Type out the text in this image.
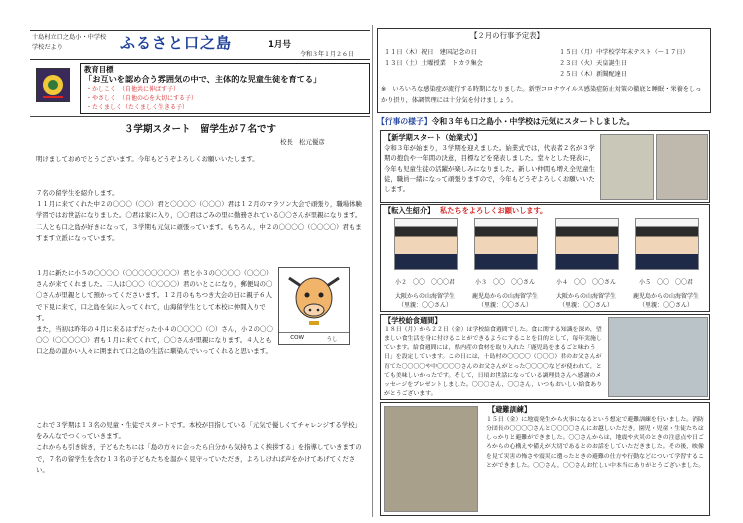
十島村立口之島小・中学校
学校だより	ふるさと口之島	1月号
令和３年１月２６日
教育目標
「お互いを認め合う雰囲気の中で、主体的な児童生徒を育てる」
・かしこく　（自他共に伸ばす子）
・やさしく　（自他の心を大切にする子）
・たくましく（たくましく生きる子）
３学期スタート　留学生が７名です
校長　松元優彦
明けましておめでとうございます。今年もどうぞよろしくお願いいたします。
７名の留学生を紹介します。
１１月に来てくれた中２の〇〇〇（〇〇）君と〇〇〇〇（〇〇〇）君は１２月のマラソン大会で頑張り，職場体験学習ではお世話になりました。〇君は家に入り，〇〇君はごみの里に勤務されている〇〇さんが里親になります。二人とも口之島が好きになって，３学期も元気に頑張っています。もちろん，中２の〇〇〇〇（〇〇〇〇）君もますます立派になっています。
１月に新たに小５の〇〇〇〇（〇〇〇〇〇〇〇〇）君と小３の〇〇〇〇（〇〇〇）さんが来てくれました。二人は〇〇〇（〇〇〇〇）君のいとこになり，郵便局の〇〇さんが里親として預かってくださいます。１２月のもちつき大会の日に親子６人で下見に来て，口之島を気に入ってくれて，山海留学生として本校に仲間入りです。
また，当初は昨年の４月に来るはずだった小４の〇〇〇〇（〇）さん，小２の〇〇〇〇（〇〇〇〇〇）君も１月に来てくれて，〇〇さんが里親になります。４人とも口之島の温かい人々に囲まれて口之島の生活に馴染んでいってくれると思います。
これで３学期は１３名の児童・生徒でスタートです。本校が目指している「元気で優しくてチャレンジする学校」をみんなでつくっていきます。
これからも引き続き，子どもたちには「島の方々に会ったら自分から気持ちよく挨拶する」を指導していきますので，７名の留学生を含む１３名の子どもたちを温かく見守っていただき，よろしければ声をかけてあげてください。
COW	うし
【２月の行事予定表】
１１日（木）祝日　建国記念の日
１３日（土）土曜授業　トカラ集会
１５日（月）中学校学年末テスト（～１７日）
２３日（火）天皇誕生日
２５日（木）新聞配達日
※　いろいろな感染症が流行する時期になりました。新型コロナウイルス感染症防止対策の徹底と睡眠・栄養をしっかり摂り，体調管理には十分気を付けましょう。
【行事の様子】令和３年も口之島小・中学校は元気にスタートしました。
【新学期スタート（始業式）】
令和３年が始まり，３学期を迎えました。始業式では，代表者２名が３学期の抱負や一年間の決意，目標などを発表しました。堂々とした発表に，今年も児童生徒の活躍が楽しみになりました。新しい仲間も増え全児童生徒，職員一緒になって頑張りますので，今年もどうぞよろしくお願いいたします。
【転入生紹介】 私たちをよろしくお願いします。
小２　〇〇　〇〇〇君	小３　〇〇　〇〇さん	小４　〇〇　〇〇さん	小５　〇〇　〇〇君
大阪からの山海留学生	鹿児島からの山海留学生	大阪からの山海留学生	鹿児島からの山海留学生
（里親：〇〇さん）	（里親：〇〇さん）	（里親：〇〇さん）	（里親：〇〇さん）
【学校給食週間】
１８日（月）から２２日（金）は学校給食週間でした。食に関する知識を深め，望ましい食生活を身に付けることができるようにすることを目的として，毎年実施しています。給食週間には，県内産の食材を取り入れた「鹿児島をまるごと味わう日」を設定しています。この日には，十島村の〇〇〇〇（〇〇〇）君のお父さんが育てた〇〇〇〇や中〇〇〇〇さんのお父さんがとった〇〇〇〇などが使われて，とても美味しいかったです。そして，日頃お世話になっている調理員さんへ感謝のメッセージをプレゼントしました。〇〇〇さん，〇〇さん，いつもおいしい給食ありがとうございます。
【避難訓練】
１５日（金）に地震発生から火事になるという想定で避難訓練を行いました。消防分団長の〇〇〇〇さんと〇〇〇〇さんにお越しいただき，園児・児童・生徒たちはしっかりと避難ができました。〇〇さんからは，地震や火災のときの注意点や日ごろからの心構えや備えが大切であるとのお話をしていただきました。その後，映像を見て災害の怖さや震災に遭ったときの避難の仕方や行動などについて学習することができました。〇〇さん，〇〇さんお忙しい中本当にありがとうございました。
